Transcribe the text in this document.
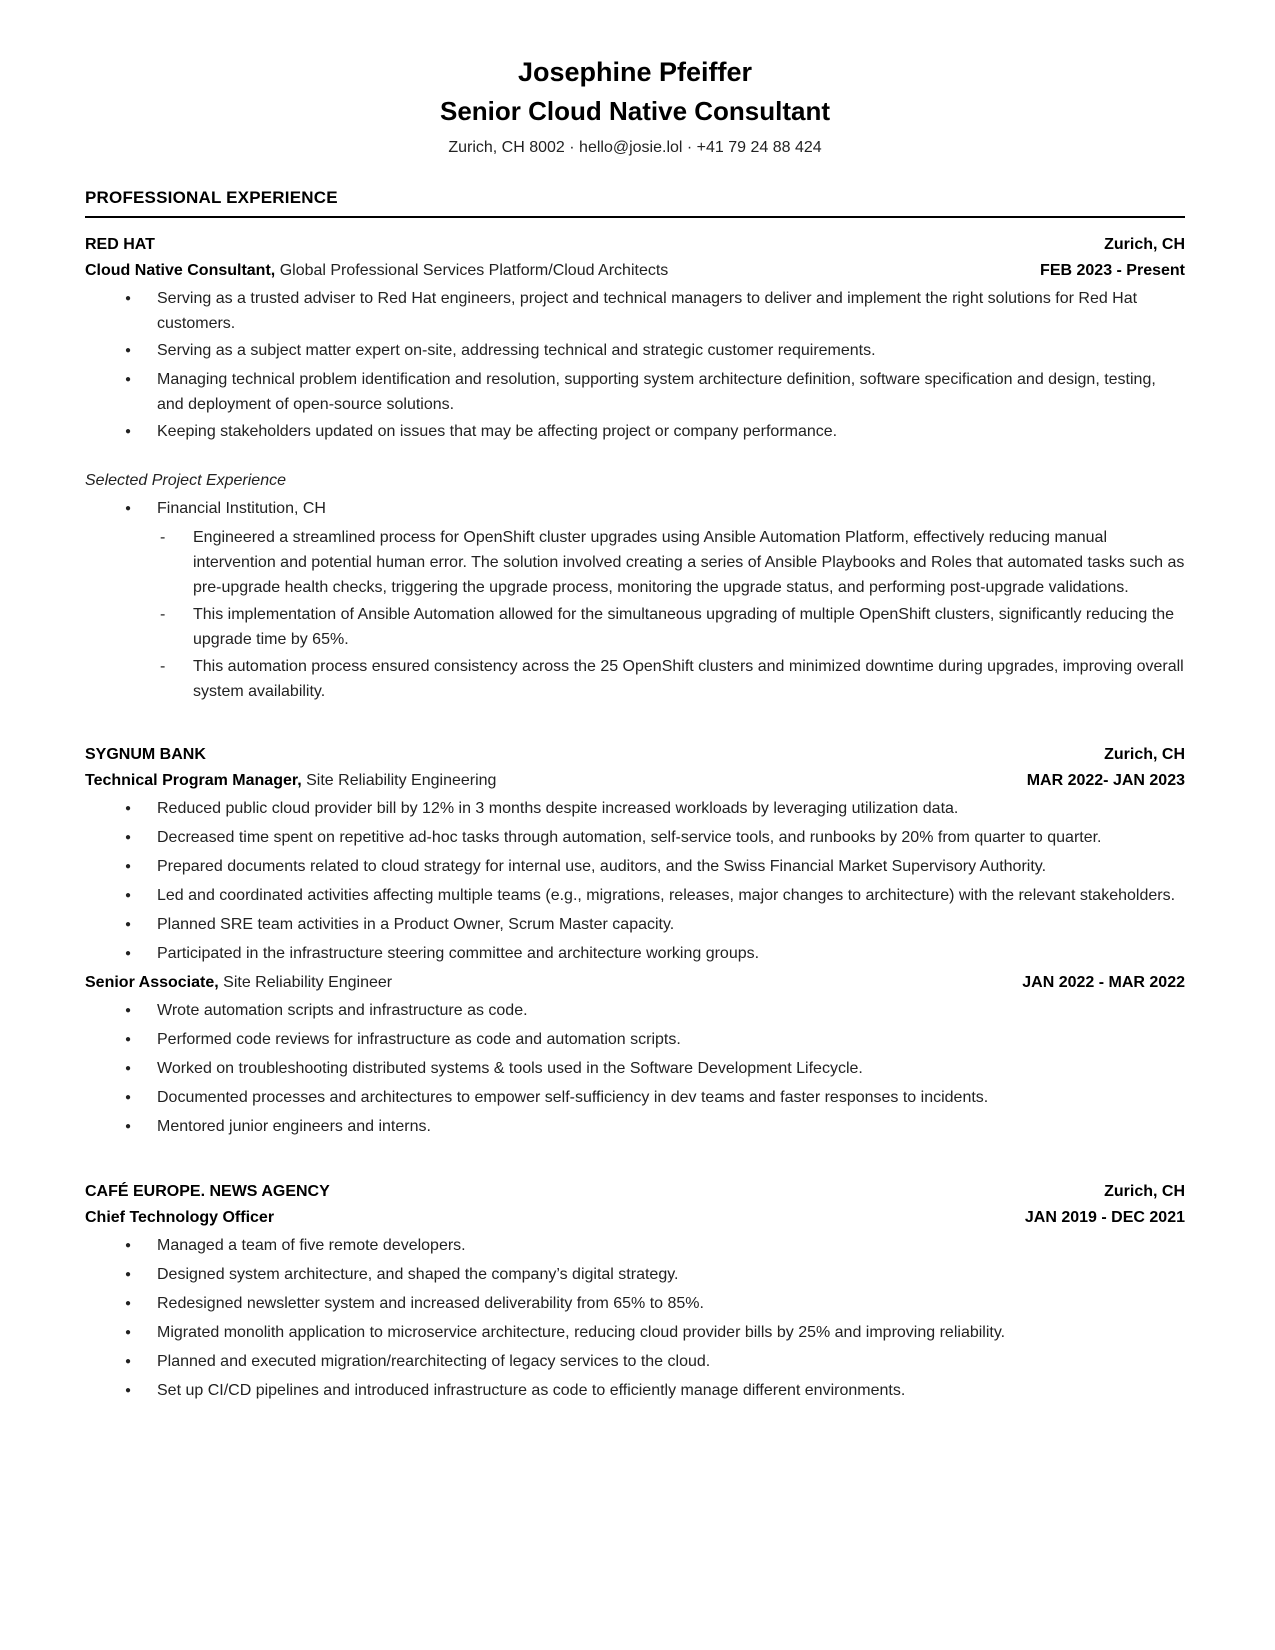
Josephine Pfeiffer
Senior Cloud Native Consultant

Zurich, CH 8002 · hello@josie.lol · +41 79 24 88 424

PROFESSIONAL EXPERIENCE
RED HAT	Zurich, CH
Cloud Native Consultant, Global Professional Services Platform/Cloud Architects	FEB 2023 - Present
●
Serving as a trusted adviser to Red Hat engineers, project and technical managers to deliver and implement the right solutions for Red Hat customers.
●
Serving as a subject matter expert on-site, addressing technical and strategic customer requirements.
●
Managing technical problem identification and resolution, supporting system architecture definition, software specification and design, testing, and deployment of open-source solutions.
●
Keeping stakeholders updated on issues that may be affecting project or company performance.
Selected Project Experience
●
Financial Institution, CH
-
Engineered a streamlined process for OpenShift cluster upgrades using Ansible Automation Platform, effectively reducing manual intervention and potential human error. The solution involved creating a series of Ansible Playbooks and Roles that automated tasks such as pre-upgrade health checks, triggering the upgrade process, monitoring the upgrade status, and performing post-upgrade validations.
-
This implementation of Ansible Automation allowed for the simultaneous upgrading of multiple OpenShift clusters, significantly reducing the upgrade time by 65%.
-
This automation process ensured consistency across the 25 OpenShift clusters and minimized downtime during upgrades, improving overall system availability.
SYGNUM BANK	Zurich, CH
Technical Program Manager, Site Reliability Engineering	MAR 2022- JAN 2023
●
Reduced public cloud provider bill by 12% in 3 months despite increased workloads by leveraging utilization data.
●
Decreased time spent on repetitive ad-hoc tasks through automation, self-service tools, and runbooks by 20% from quarter to quarter.
●
Prepared documents related to cloud strategy for internal use, auditors, and the Swiss Financial Market Supervisory Authority.
●
Led and coordinated activities affecting multiple teams (e.g., migrations, releases, major changes to architecture) with the relevant stakeholders.
●
Planned SRE team activities in a Product Owner, Scrum Master capacity.
●
Participated in the infrastructure steering committee and architecture working groups.
Senior Associate, Site Reliability Engineer	JAN 2022 - MAR 2022
●
Wrote automation scripts and infrastructure as code.
●
Performed code reviews for infrastructure as code and automation scripts.
●
Worked on troubleshooting distributed systems & tools used in the Software Development Lifecycle.
●
Documented processes and architectures to empower self-sufficiency in dev teams and faster responses to incidents.
●
Mentored junior engineers and interns.
CAFÉ EUROPE. NEWS AGENCY	Zurich, CH
Chief Technology Officer	JAN 2019 - DEC 2021
●
Managed a team of five remote developers.
●
Designed system architecture, and shaped the company’s digital strategy.
●
Redesigned newsletter system and increased deliverability from 65% to 85%.
●
Migrated monolith application to microservice architecture, reducing cloud provider bills by 25% and improving reliability.
●
Planned and executed migration/rearchitecting of legacy services to the cloud.
●
Set up CI/CD pipelines and introduced infrastructure as code to efficiently manage different environments.
